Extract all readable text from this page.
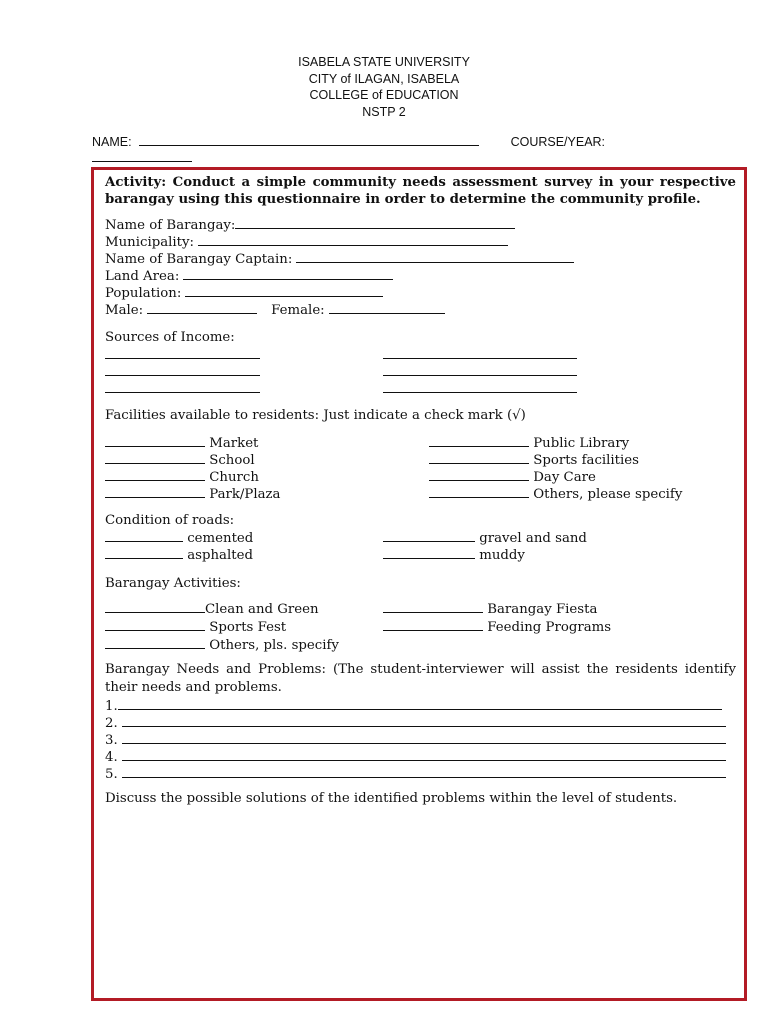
ISABELA STATE UNIVERSITY
CITY of ILAGAN, ISABELA
COLLEGE of EDUCATION
NSTP 2
NAME:	COURSE/YEAR:

Activity: Conduct a simple community needs assessment survey in your respective barangay using this questionnaire in order to determine the community profile.
Name of Barangay:
Municipality:
Name of Barangay Captain:
Land Area:
Population:
Male:	Female:
Sources of Income:
Facilities available to residents: Just indicate a check mark (√)
Market	Public Library
School	Sports facilities
Church	Day Care
Park/Plaza	Others, please specify
Condition of roads:
cemented	gravel and sand
asphalted	muddy
Barangay Activities:
Clean and Green	Barangay Fiesta
Sports Fest	Feeding Programs
Others, pls. specify
Barangay Needs and Problems: (The student-interviewer will assist the residents identify their needs and problems.
1.
2.
3.
4.
5.
Discuss the possible solutions of the identified problems within the level of students.
